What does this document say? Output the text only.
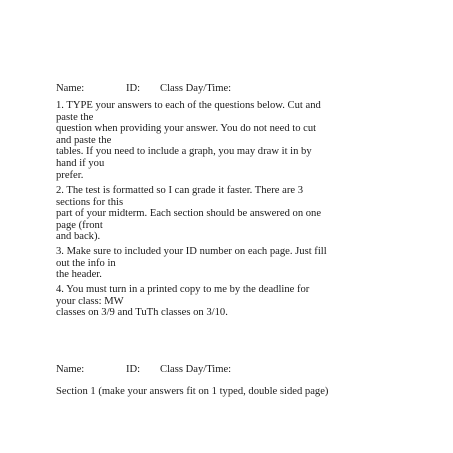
Name:	ID: Class Day/Time:
1. TYPE your answers to each of the questions below. Cut and
paste the
question when providing your answer. You do not need to cut
and paste the
tables. If you need to include a graph, you may draw it in by
hand if you
prefer.
2. The test is formatted so I can grade it faster. There are 3
sections for this
part of your midterm. Each section should be answered on one
page (front
and back).
3. Make sure to included your ID number on each page. Just fill
out the info in
the header.
4. You must turn in a printed copy to me by the deadline for
your class: MW
classes on 3/9 and TuTh classes on 3/10.
Name:	ID: Class Day/Time:
Section 1 (make your answers fit on 1 typed, double sided page)
